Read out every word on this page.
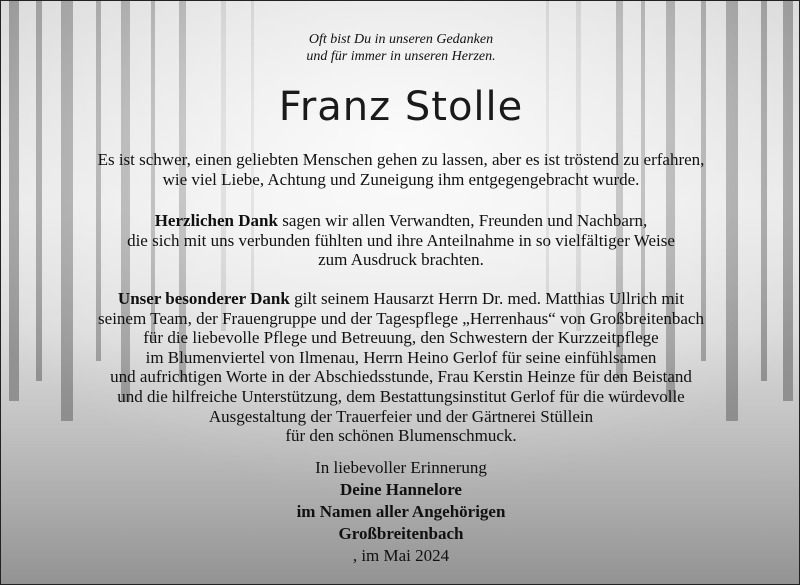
Oft bist Du in unseren Gedanken
und für immer in unseren Herzen.
Franz Stolle
Es ist schwer, einen geliebten Menschen gehen zu lassen, aber es ist tröstend zu erfahren,
wie viel Liebe, Achtung und Zuneigung ihm entgegengebracht wurde.
Herzlichen Dank sagen wir allen Verwandten, Freunden und Nachbarn,
die sich mit uns verbunden fühlten und ihre Anteilnahme in so vielfältiger Weise
zum Ausdruck brachten.
Unser besonderer Dank gilt seinem Hausarzt Herrn Dr. med. Matthias Ullrich mit
seinem Team, der Frauengruppe und der Tagespflege „Herrenhaus“ von Großbreitenbach
für die liebevolle Pflege und Betreuung, den Schwestern der Kurzzeitpflege
im Blumenviertel von Ilmenau, Herrn Heino Gerlof für seine einfühlsamen
und aufrichtigen Worte in der Abschiedsstunde, Frau Kerstin Heinze für den Beistand
und die hilfreiche Unterstützung, dem Bestattungsinstitut Gerlof für die würdevolle
Ausgestaltung der Trauerfeier und der Gärtnerei Stüllein
für den schönen Blumenschmuck.
In liebevoller Erinnerung
Deine Hannelore
im Namen aller Angehörigen
Großbreitenbach
, im Mai 2024
